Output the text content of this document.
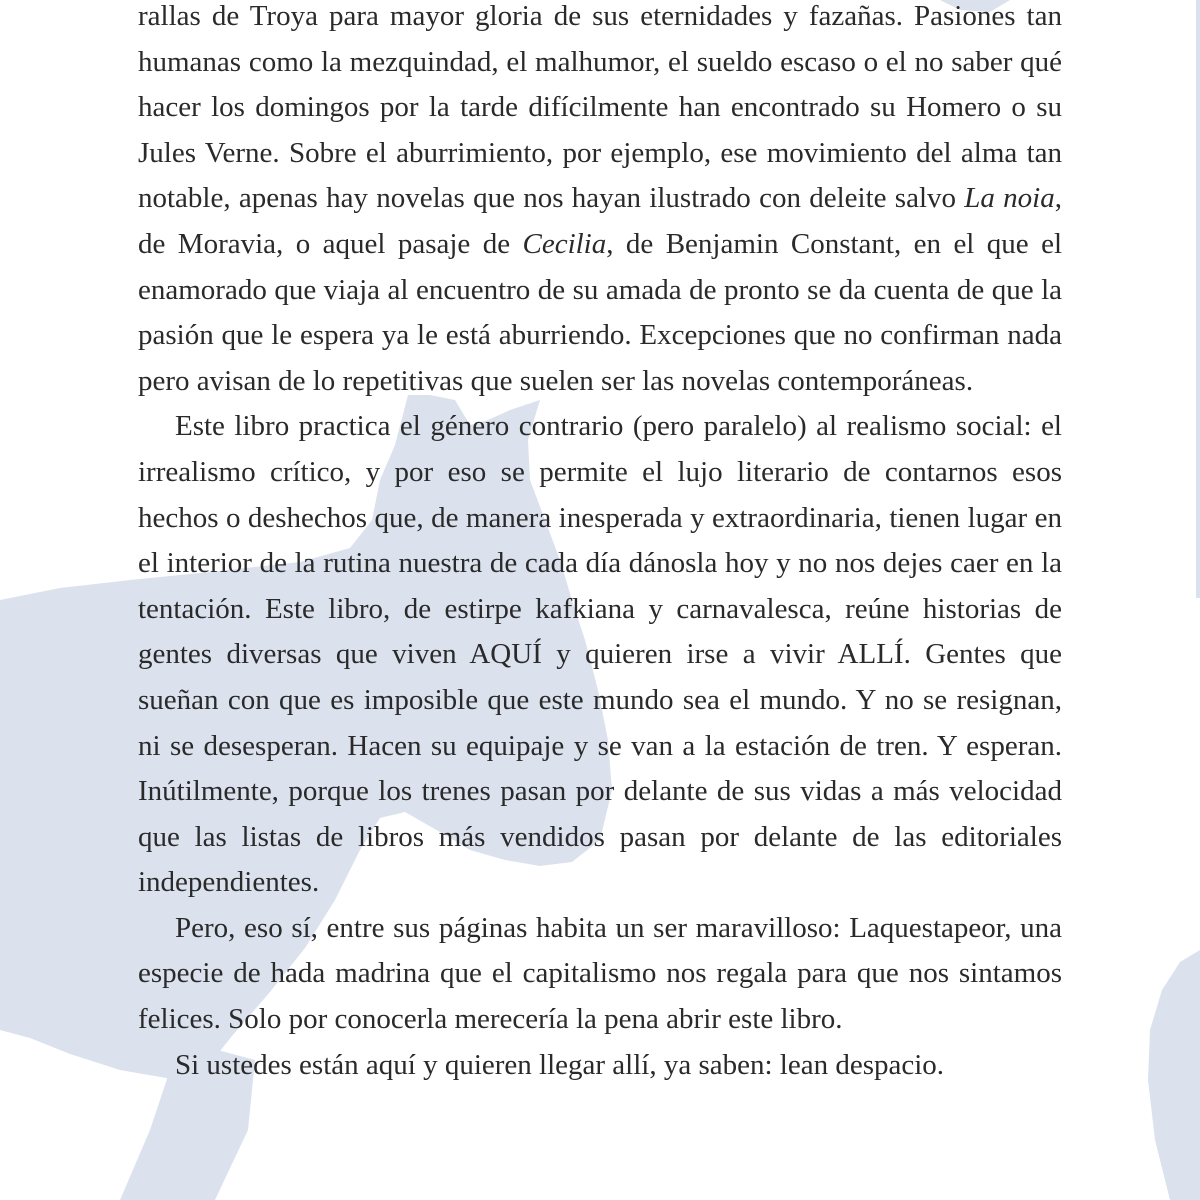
rallas de Troya para mayor gloria de sus eternidades y fazañas. Pasiones tan humanas como la mezquindad, el malhumor, el sueldo escaso o el no saber qué hacer los domingos por la tarde difícilmente han encontrado su Homero o su Jules Verne. Sobre el aburrimiento, por ejemplo, ese movimiento del alma tan notable, apenas hay novelas que nos hayan ilustrado con deleite salvo La noia, de Moravia, o aquel pasaje de Cecilia, de Benjamin Constant, en el que el enamorado que viaja al encuentro de su amada de pronto se da cuenta de que la pasión que le espera ya le está aburriendo. Excepciones que no confirman nada pero avisan de lo repetitivas que suelen ser las novelas contemporáneas.

Este libro practica el género contrario (pero paralelo) al realismo social: el irrealismo crítico, y por eso se permite el lujo literario de contarnos esos hechos o deshechos que, de manera inesperada y extraordinaria, tienen lugar en el interior de la rutina nuestra de cada día dánosla hoy y no nos dejes caer en la tentación. Este libro, de estirpe kafkiana y carnavalesca, reúne historias de gentes diversas que viven AQUÍ y quieren irse a vivir ALLÍ. Gentes que sueñan con que es imposible que este mundo sea el mundo. Y no se resignan, ni se desesperan. Hacen su equipaje y se van a la estación de tren. Y esperan. Inútilmente, porque los trenes pasan por delante de sus vidas a más velocidad que las listas de libros más vendidos pasan por delante de las editoriales independientes.

Pero, eso sí, entre sus páginas habita un ser maravilloso: Laquestapeor, una especie de hada madrina que el capitalismo nos regala para que nos sintamos felices. Solo por conocerla merecería la pena abrir este libro.

Si ustedes están aquí y quieren llegar allí, ya saben: lean despacio.
